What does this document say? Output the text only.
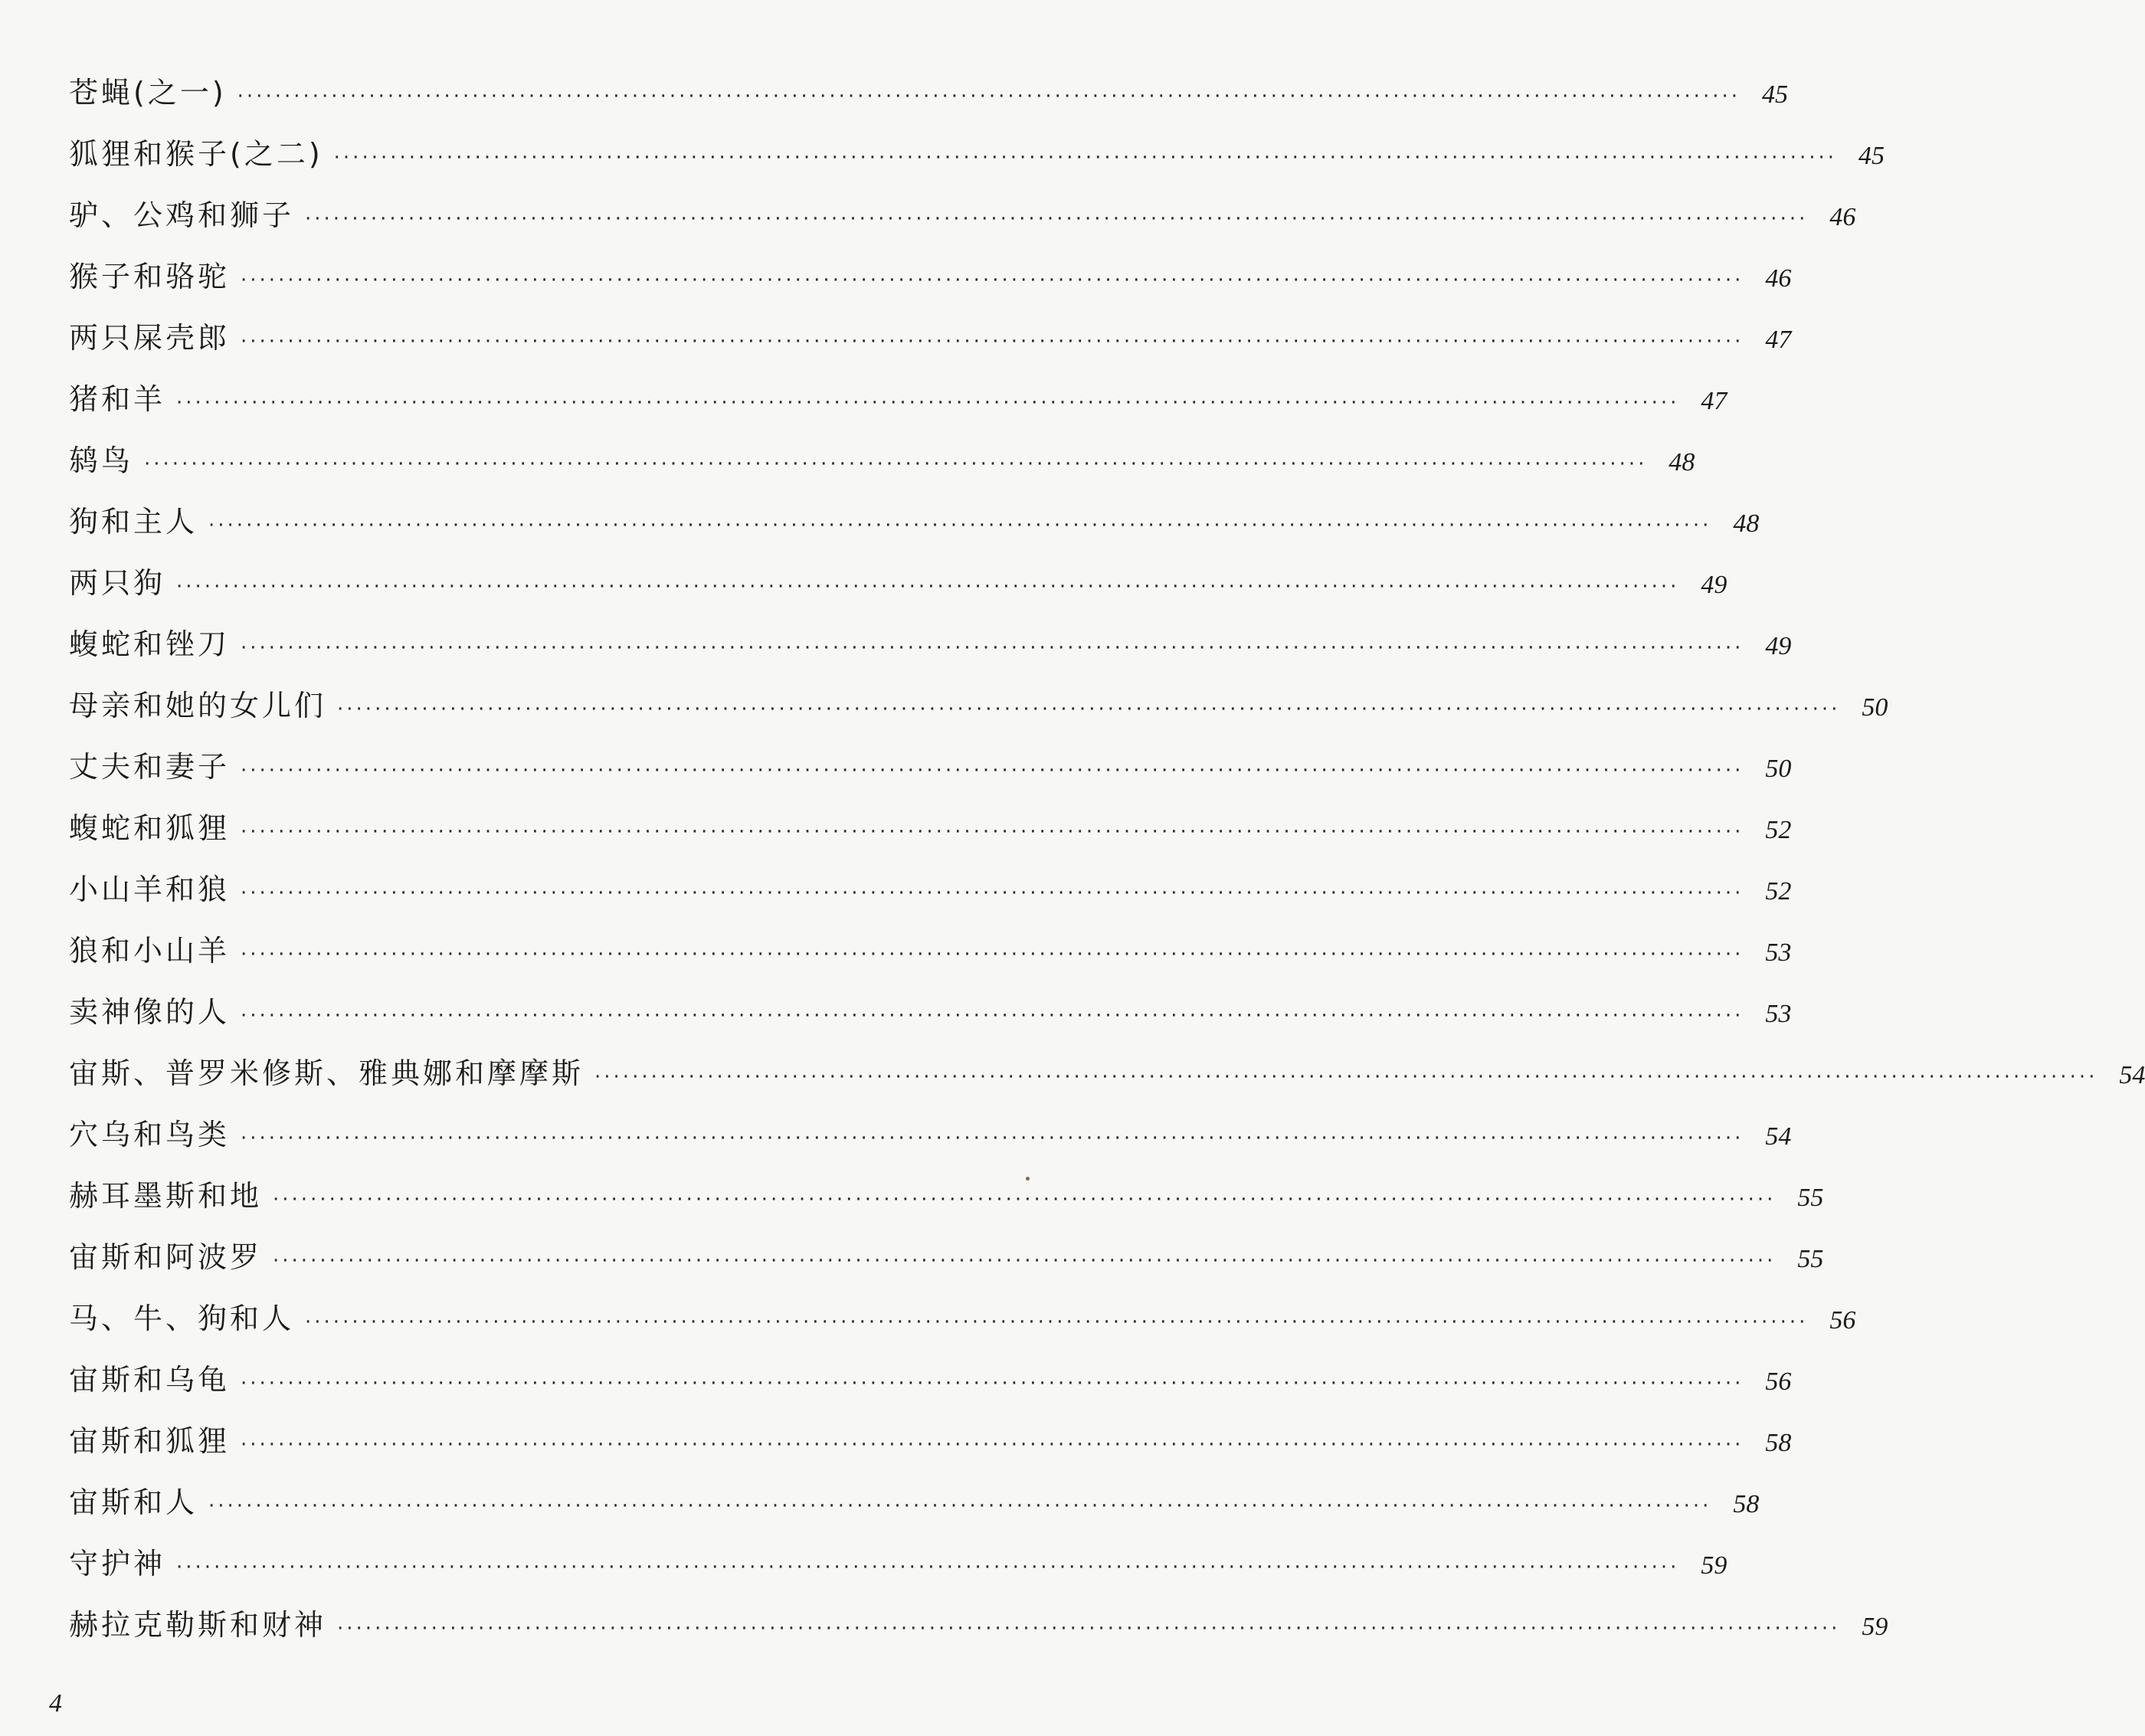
苍蝇(之一) ································································································································································ 45
狐狸和猴子(之二) ································································································································································ 45
驴、公鸡和狮子 ································································································································································ 46
猴子和骆驼 ································································································································································ 46
两只屎壳郎 ································································································································································ 47
猪和羊 ································································································································································ 47
鸫鸟 ································································································································································ 48
狗和主人 ································································································································································ 48
两只狗 ································································································································································ 49
蝮蛇和锉刀 ································································································································································ 49
母亲和她的女儿们 ································································································································································ 50
丈夫和妻子 ································································································································································ 50
蝮蛇和狐狸 ································································································································································ 52
小山羊和狼 ································································································································································ 52
狼和小山羊 ································································································································································ 53
卖神像的人 ································································································································································ 53
宙斯、普罗米修斯、雅典娜和摩摩斯 ································································································································································ 54
穴乌和鸟类 ································································································································································ 54
赫耳墨斯和地 ································································································································································ 55
宙斯和阿波罗 ································································································································································ 55
马、牛、狗和人 ································································································································································ 56
宙斯和乌龟 ································································································································································ 56
宙斯和狐狸 ································································································································································ 58
宙斯和人 ································································································································································ 58
守护神 ································································································································································ 59
赫拉克勒斯和财神 ································································································································································ 59
4
